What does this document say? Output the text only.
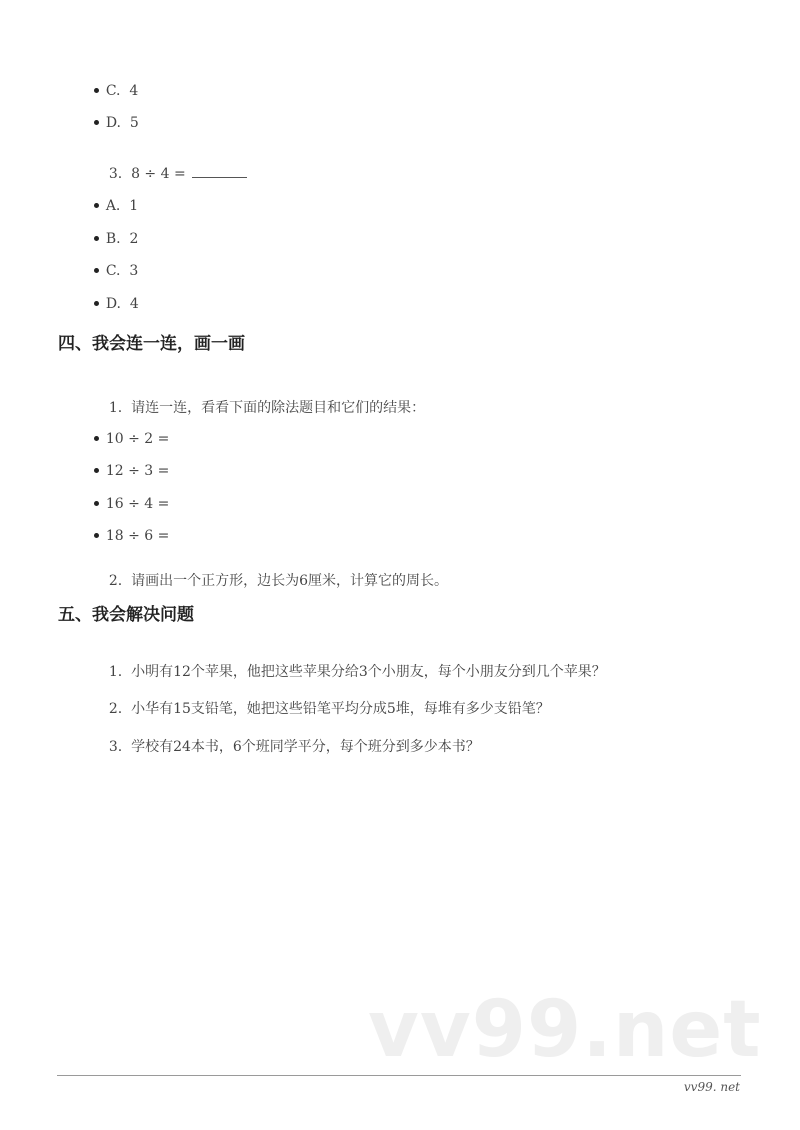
C. 4

D. 5

3. 8 ÷ 4 =

A. 1

B. 2

C. 3

D. 4

四、我会连一连，画一画

1. 请连一连，看看下面的除法题目和它们的结果：

10 ÷ 2 =

12 ÷ 3 =

16 ÷ 4 =

18 ÷ 6 =

2. 请画出一个正方形，边长为6厘米，计算它的周长。

五、我会解决问题

1. 小明有12个苹果，他把这些苹果分给3个小朋友，每个小朋友分到几个苹果？

2. 小华有15支铅笔，她把这些铅笔平均分成5堆，每堆有多少支铅笔？

3. 学校有24本书，6个班同学平分，每个班分到多少本书？

vv99.net
vv99. net
